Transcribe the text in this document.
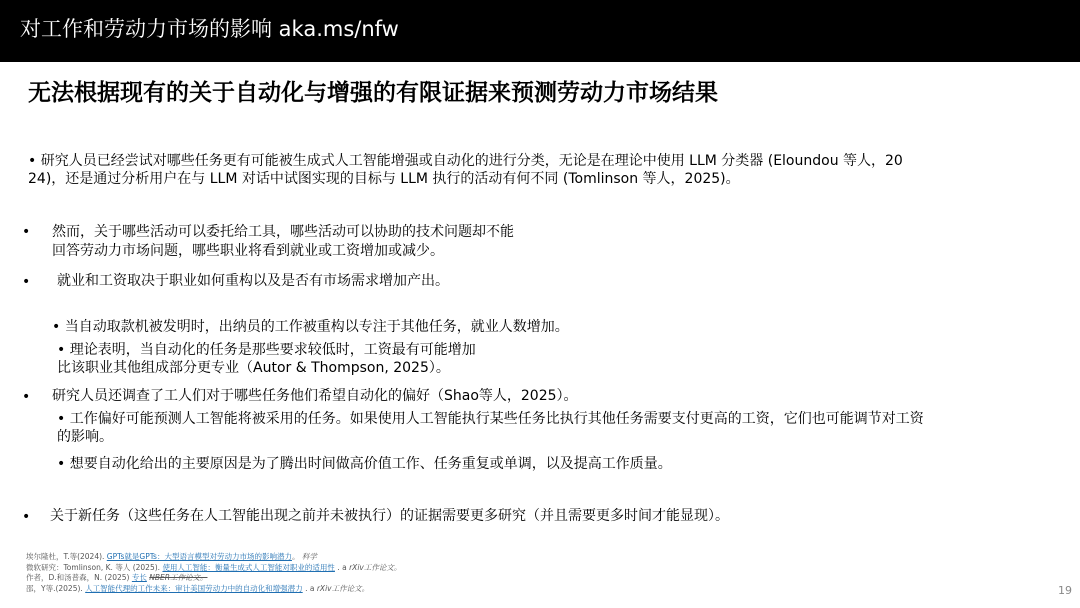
对工作和劳动力市场的影响 aka.ms/nfw
无法根据现有的关于自动化与增强的有限证据来预测劳动力市场结果
• 研究人员已经尝试对哪些任务更有可能被生成式人工智能增强或自动化的进行分类，无论是在理论中使用 LLM 分类器 (Eloundou 等人，20
24)，还是通过分析用户在与 LLM 对话中试图实现的目标与 LLM 执行的活动有何不同 (Tomlinson 等人，2025)。
• 然而，关于哪些活动可以委托给工具，哪些活动可以协助的技术问题却不能
回答劳动力市场问题，哪些职业将看到就业或工资增加或减少。
• 就业和工资取决于职业如何重构以及是否有市场需求增加产出。
• 当自动取款机被发明时，出纳员的工作被重构以专注于其他任务，就业人数增加。
• 理论表明，当自动化的任务是那些要求较低时，工资最有可能增加
比该职业其他组成部分更专业（Autor & Thompson, 2025）。
• 研究人员还调查了工人们对于哪些任务他们希望自动化的偏好（Shao等人，2025）。
• 工作偏好可能预测人工智能将被采用的任务。如果使用人工智能执行某些任务比执行其他任务需要支付更高的工资，它们也可能调节对工资
的影响。
• 想要自动化给出的主要原因是为了腾出时间做高价值工作、任务重复或单调，以及提高工作质量。
• 关于新任务（这些任务在人工智能出现之前并未被执行）的证据需要更多研究（并且需要更多时间才能显现）。
埃尔隆杜，T.等(2024). GPTs就是GPTs：大型语言模型对劳动力市场的影响潜力。 科学
微软研究：Tomlinson, K. 等人 (2025). 使用人工智能：衡量生成式人工智能对职业的适用性 . a rXiv工作论文。
作者，D.和汤普森，N. (2025) 专长 NBER工作论文。
邵，Y等.(2025). 人工智能代理的工作未来：审计美国劳动力中的自动化和增强潜力 . a rXiv工作论文。	19
